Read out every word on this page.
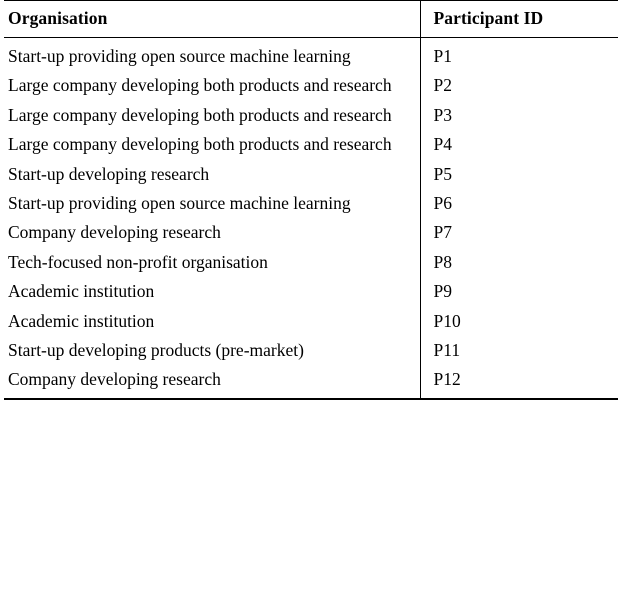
Organisation	Participant ID
Start-up providing open source machine learning	P1
Large company developing both products and research	P2
Large company developing both products and research	P3
Large company developing both products and research	P4
Start-up developing research	P5
Start-up providing open source machine learning	P6
Company developing research	P7
Tech-focused non-profit organisation	P8
Academic institution	P9
Academic institution	P10
Start-up developing products (pre-market)	P11
Company developing research	P12
